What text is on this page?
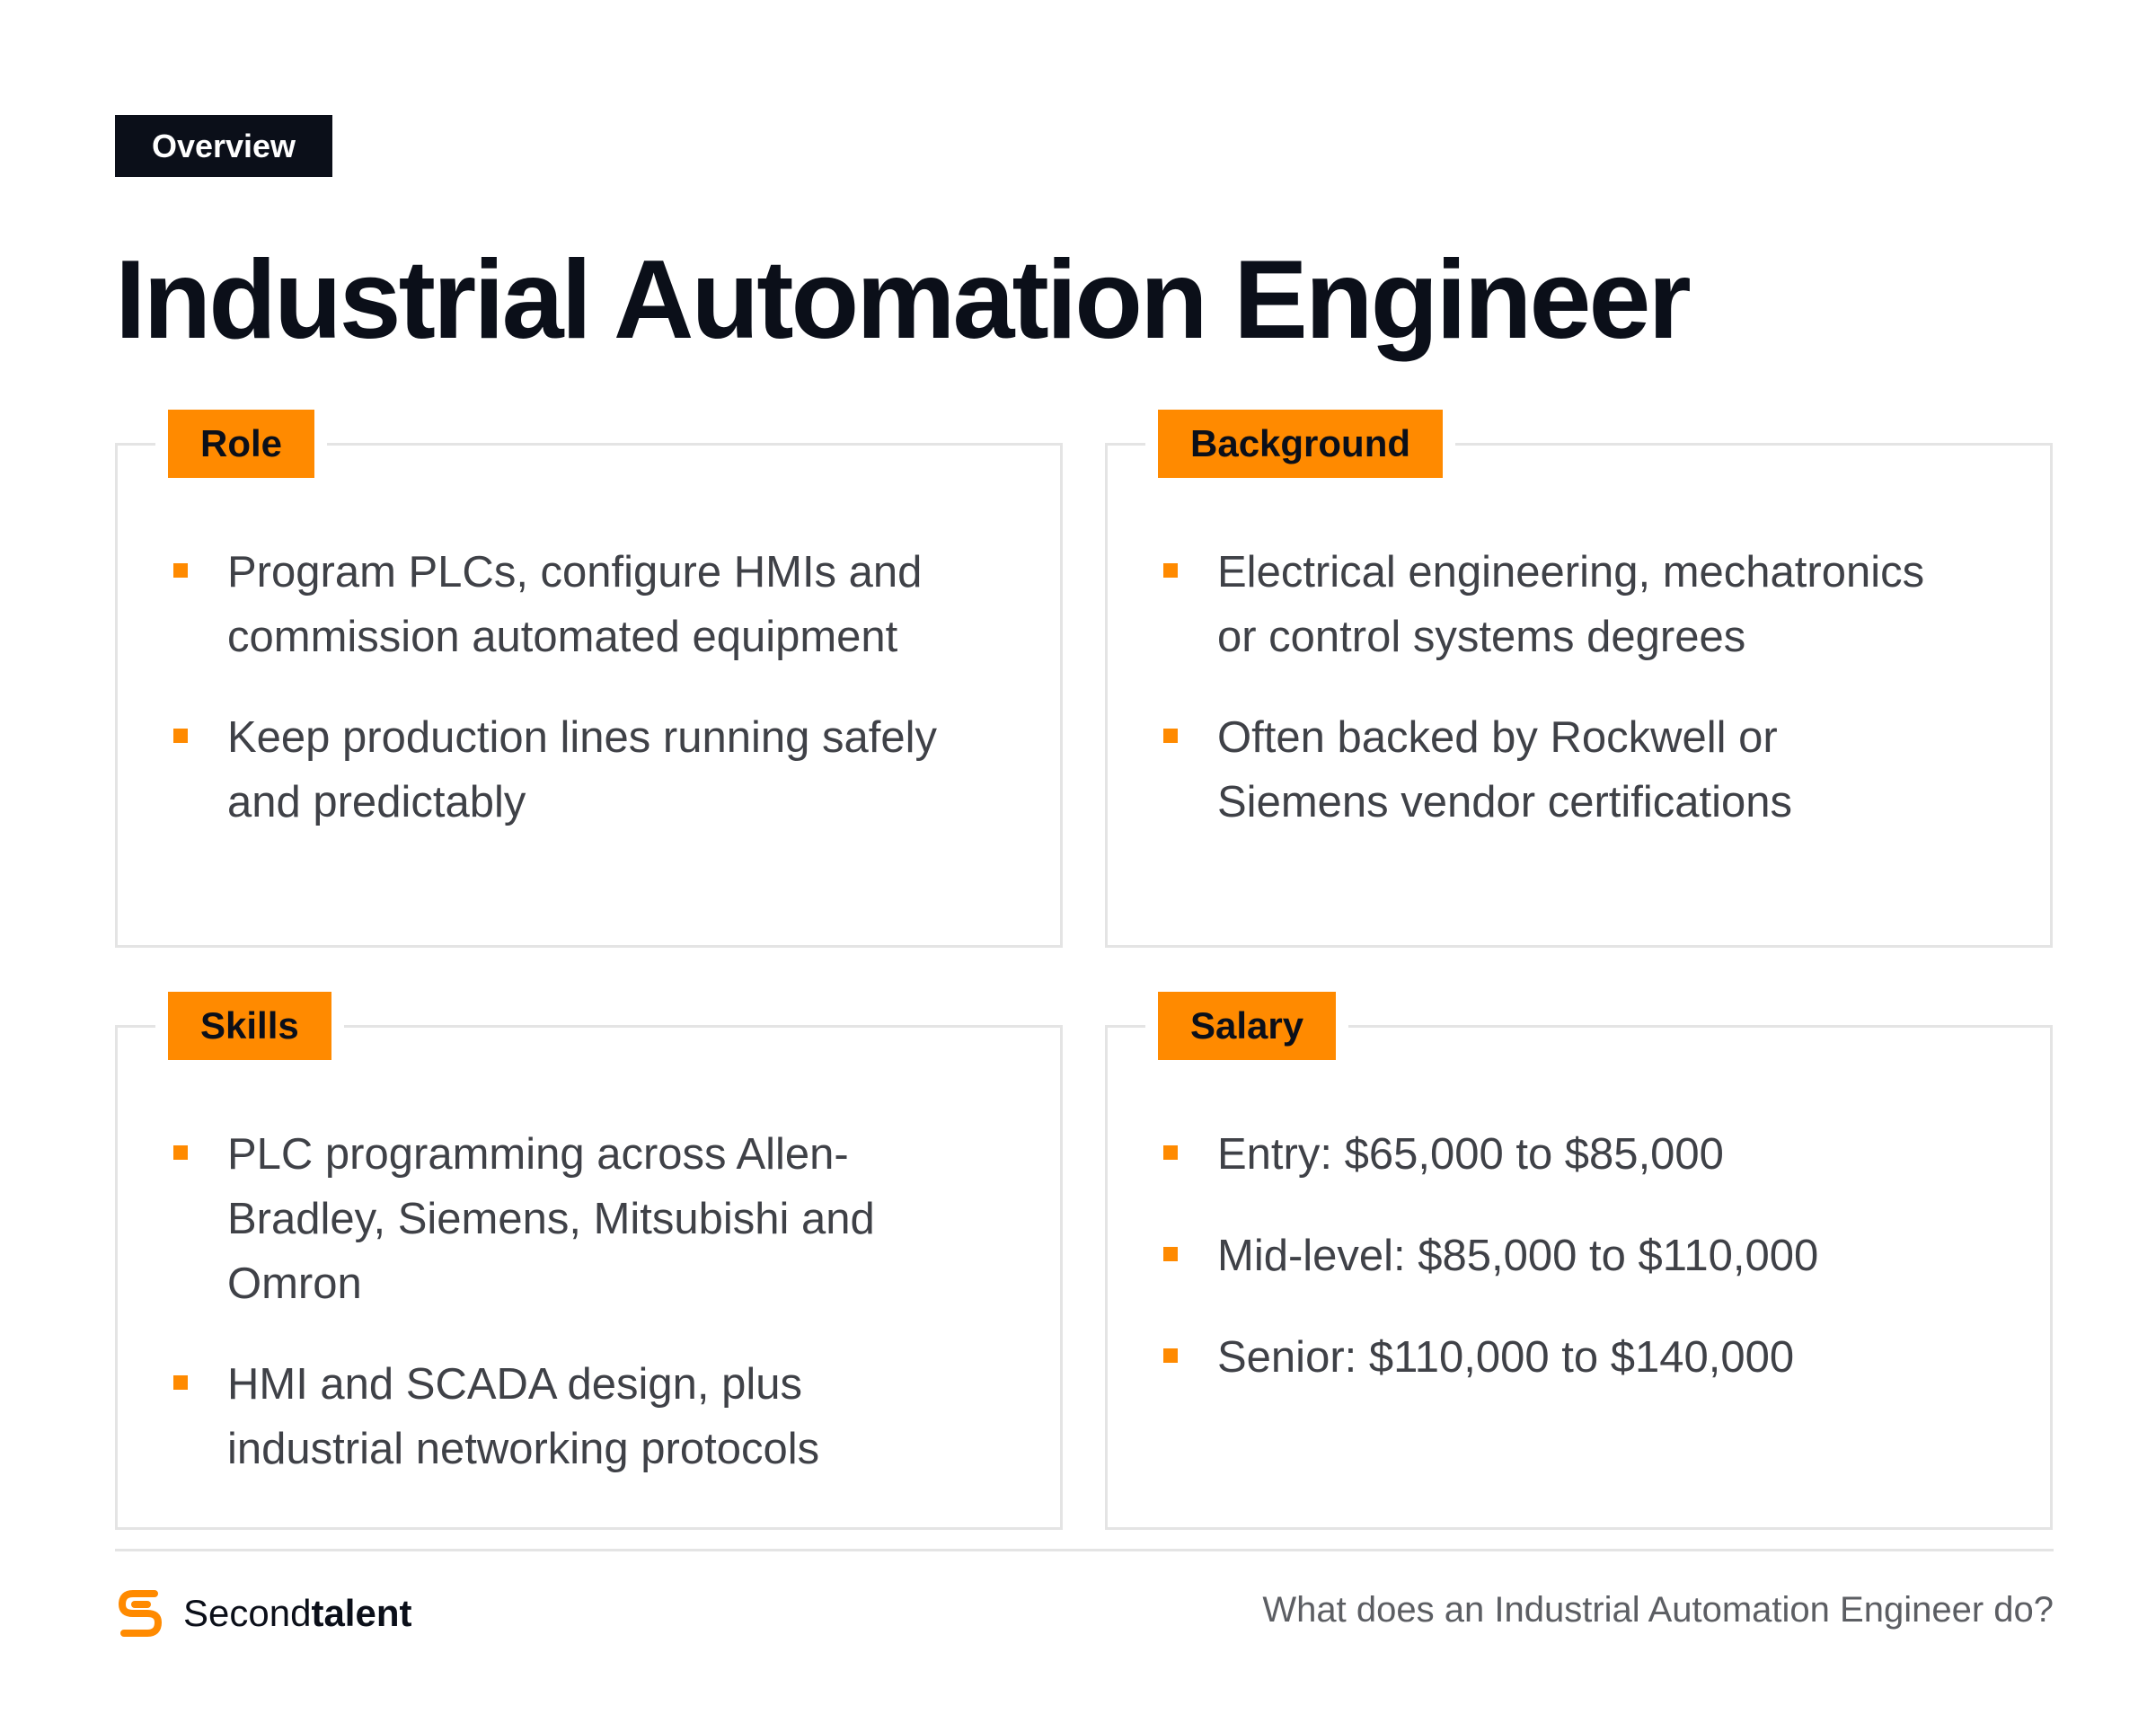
Overview
Industrial Automation Engineer
Role
Program PLCs, configure HMIs and commission automated equipment
Keep production lines running safely and predictably
Background
Electrical engineering, mechatronics or control systems degrees
Often backed by Rockwell or Siemens vendor certifications
Skills
PLC programming across Allen-Bradley, Siemens, Mitsubishi and Omron
HMI and SCADA design, plus industrial networking protocols
Salary
Entry: $65,000 to $85,000
Mid-level: $85,000 to $110,000
Senior: $110,000 to $140,000
Secondtalent	What does an Industrial Automation Engineer do?
